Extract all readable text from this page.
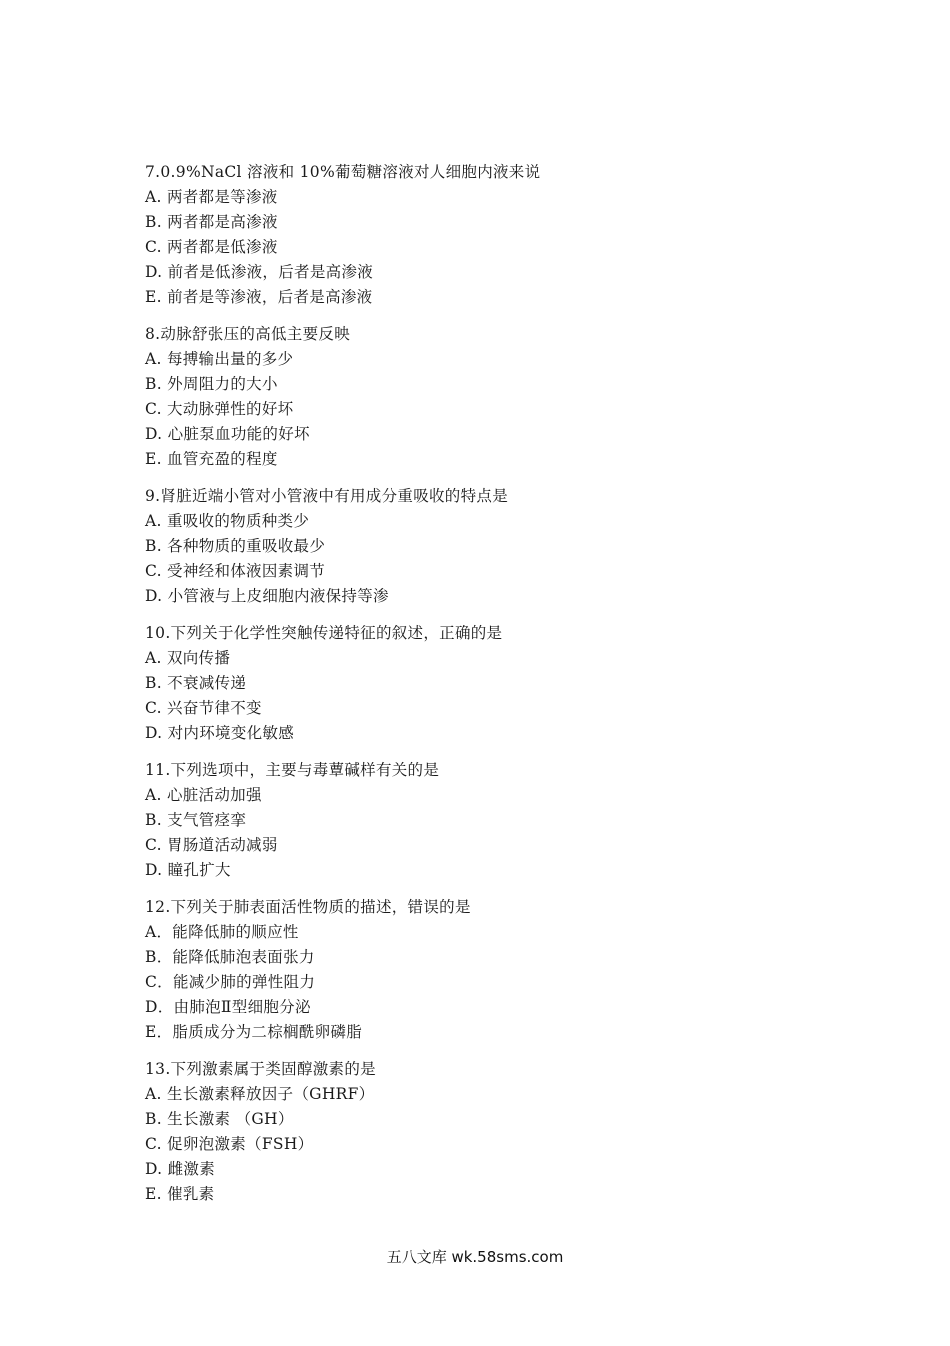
7.0.9%NaCl 溶液和 10%葡萄糖溶液对人细胞内液来说
A. 两者都是等渗液
B. 两者都是高渗液
C. 两者都是低渗液
D. 前者是低渗液，后者是高渗液
E. 前者是等渗液，后者是高渗液
8.动脉舒张压的高低主要反映
A. 每搏输出量的多少
B. 外周阻力的大小
C. 大动脉弹性的好坏
D. 心脏泵血功能的好坏
E. 血管充盈的程度
9.肾脏近端小管对小管液中有用成分重吸收的特点是
A. 重吸收的物质种类少
B. 各种物质的重吸收最少
C. 受神经和体液因素调节
D. 小管液与上皮细胞内液保持等渗
10.下列关于化学性突触传递特征的叙述，正确的是
A. 双向传播
B. 不衰减传递
C. 兴奋节律不变
D. 对内环境变化敏感
11.下列选项中，主要与毒蕈碱样有关的是
A. 心脏活动加强
B. 支气管痉挛
C. 胃肠道活动减弱
D. 瞳孔扩大
12.下列关于肺表面活性物质的描述，错误的是
A．能降低肺的顺应性
B．能降低肺泡表面张力
C．能减少肺的弹性阻力
D．由肺泡Ⅱ型细胞分泌
E．脂质成分为二棕榈酰卵磷脂
13.下列激素属于类固醇激素的是
A. 生长激素释放因子（GHRF）
B. 生长激素 （GH）
C. 促卵泡激素（FSH）
D. 雌激素
E. 催乳素
五八文库 wk.58sms.com
